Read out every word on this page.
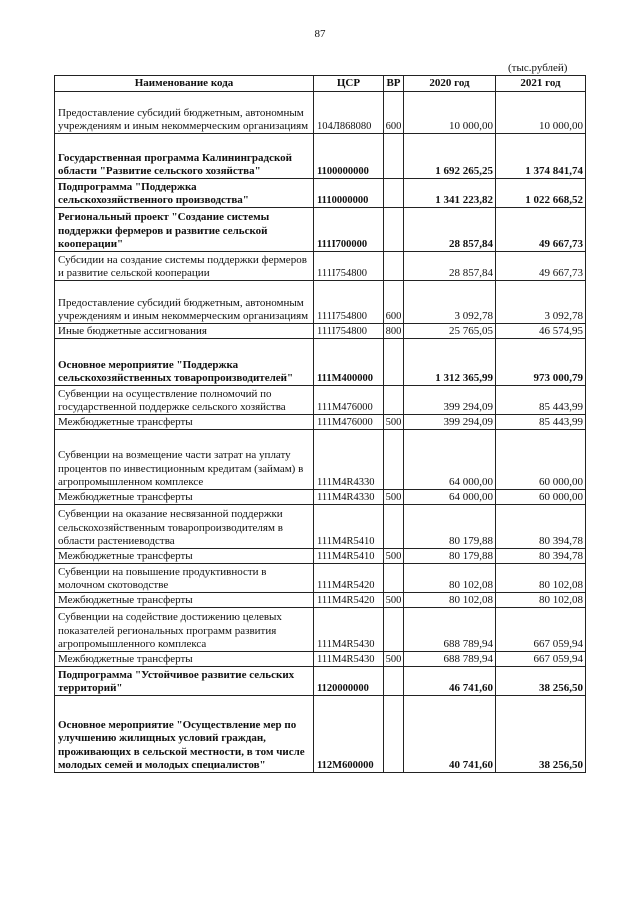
87
(тыс.рублей)
Наименование кода	ЦСР	ВР	2020 год	2021 год
Предоставление субсидий бюджетным, автономным учреждениям и иным некоммерческим организациям	104Л868080	600	10 000,00	10 000,00
Государственная программа Калининградской области "Развитие сельского хозяйства"	1100000000		1 692 265,25	1 374 841,74
Подпрограмма "Поддержка сельскохозяйственного производства"	1110000000		1 341 223,82	1 022 668,52
Региональный проект "Создание системы поддержки фермеров и развитие сельской кооперации"	111I700000		28 857,84	49 667,73
Субсидии на создание системы поддержки фермеров и развитие сельской кооперации	111I754800		28 857,84	49 667,73
Предоставление субсидий бюджетным, автономным учреждениям и иным некоммерческим организациям	111I754800	600	3 092,78	3 092,78
Иные бюджетные ассигнования	111I754800	800	25 765,05	46 574,95
Основное мероприятие "Поддержка сельскохозяйственных товаропроизводителей"	111M400000		1 312 365,99	973 000,79
Субвенции на осуществление полномочий по государственной поддержке сельского хозяйства	111M476000		399 294,09	85 443,99
Межбюджетные трансферты	111M476000	500	399 294,09	85 443,99
Субвенции на возмещение части затрат на уплату процентов по инвестиционным кредитам (займам) в агропромышленном комплексе	111M4R4330		64 000,00	60 000,00
Межбюджетные трансферты	111M4R4330	500	64 000,00	60 000,00
Субвенции на оказание несвязанной поддержки сельскохозяйственным товаропроизводителям в области растениеводства	111M4R5410		80 179,88	80 394,78
Межбюджетные трансферты	111M4R5410	500	80 179,88	80 394,78
Субвенции на повышение продуктивности в молочном скотоводстве	111M4R5420		80 102,08	80 102,08
Межбюджетные трансферты	111M4R5420	500	80 102,08	80 102,08
Субвенции на содействие достижению целевых показателей региональных программ развития агропромышленного комплекса	111M4R5430		688 789,94	667 059,94
Межбюджетные трансферты	111M4R5430	500	688 789,94	667 059,94
Подпрограмма "Устойчивое развитие сельских территорий"	1120000000		46 741,60	38 256,50
Основное мероприятие "Осуществление мер по улучшению жилищных условий граждан, проживающих в сельской местности, в том числе молодых семей и молодых специалистов"	112M600000		40 741,60	38 256,50
